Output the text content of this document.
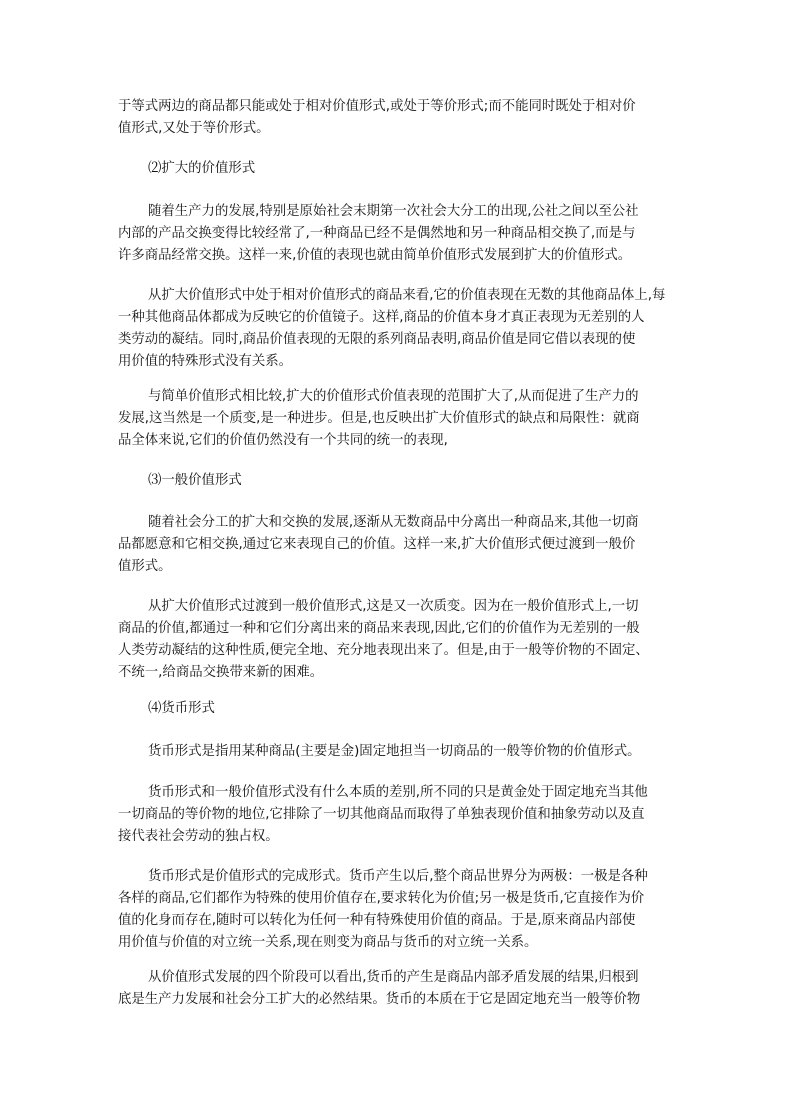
于等式两边的商品都只能或处于相对价值形式,或处于等价形式;而不能同时既处于相对价
值形式,又处于等价形式。
⑵扩大的价值形式
随着生产力的发展,特别是原始社会末期第一次社会大分工的出现,公社之间以至公社
内部的产品交换变得比较经常了,一种商品已经不是偶然地和另一种商品相交换了,而是与
许多商品经常交换。这样一来,价值的表现也就由简单价值形式发展到扩大的价值形式。
从扩大价值形式中处于相对价值形式的商品来看,它的价值表现在无数的其他商品体上,每
一种其他商品体都成为反映它的价值镜子。这样,商品的价值本身才真正表现为无差别的人
类劳动的凝结。同时,商品价值表现的无限的系列商品表明,商品价值是同它借以表现的使
用价值的特殊形式没有关系。
与简单价值形式相比较,扩大的价值形式价值表现的范围扩大了,从而促进了生产力的
发展,这当然是一个质变,是一种进步。但是,也反映出扩大价值形式的缺点和局限性：就商
品全体来说,它们的价值仍然没有一个共同的统一的表现,
⑶一般价值形式
随着社会分工的扩大和交换的发展,逐渐从无数商品中分离出一种商品来,其他一切商
品都愿意和它相交换,通过它来表现自己的价值。这样一来,扩大价值形式便过渡到一般价
值形式。
从扩大价值形式过渡到一般价值形式,这是又一次质变。因为在一般价值形式上,一切
商品的价值,都通过一种和它们分离出来的商品来表现,因此,它们的价值作为无差别的一般
人类劳动凝结的这种性质,便完全地、充分地表现出来了。但是,由于一般等价物的不固定、
不统一,给商品交换带来新的困难。
⑷货币形式
货币形式是指用某种商品(主要是金)固定地担当一切商品的一般等价物的价值形式。
货币形式和一般价值形式没有什么本质的差别,所不同的只是黄金处于固定地充当其他
一切商品的等价物的地位,它排除了一切其他商品而取得了单独表现价值和抽象劳动以及直
接代表社会劳动的独占权。
货币形式是价值形式的完成形式。货币产生以后,整个商品世界分为两极：一极是各种
各样的商品,它们都作为特殊的使用价值存在,要求转化为价值;另一极是货币,它直接作为价
值的化身而存在,随时可以转化为任何一种有特殊使用价值的商品。于是,原来商品内部使
用价值与价值的对立统一关系,现在则变为商品与货币的对立统一关系。
从价值形式发展的四个阶段可以看出,货币的产生是商品内部矛盾发展的结果,归根到
底是生产力发展和社会分工扩大的必然结果。货币的本质在于它是固定地充当一般等价物
